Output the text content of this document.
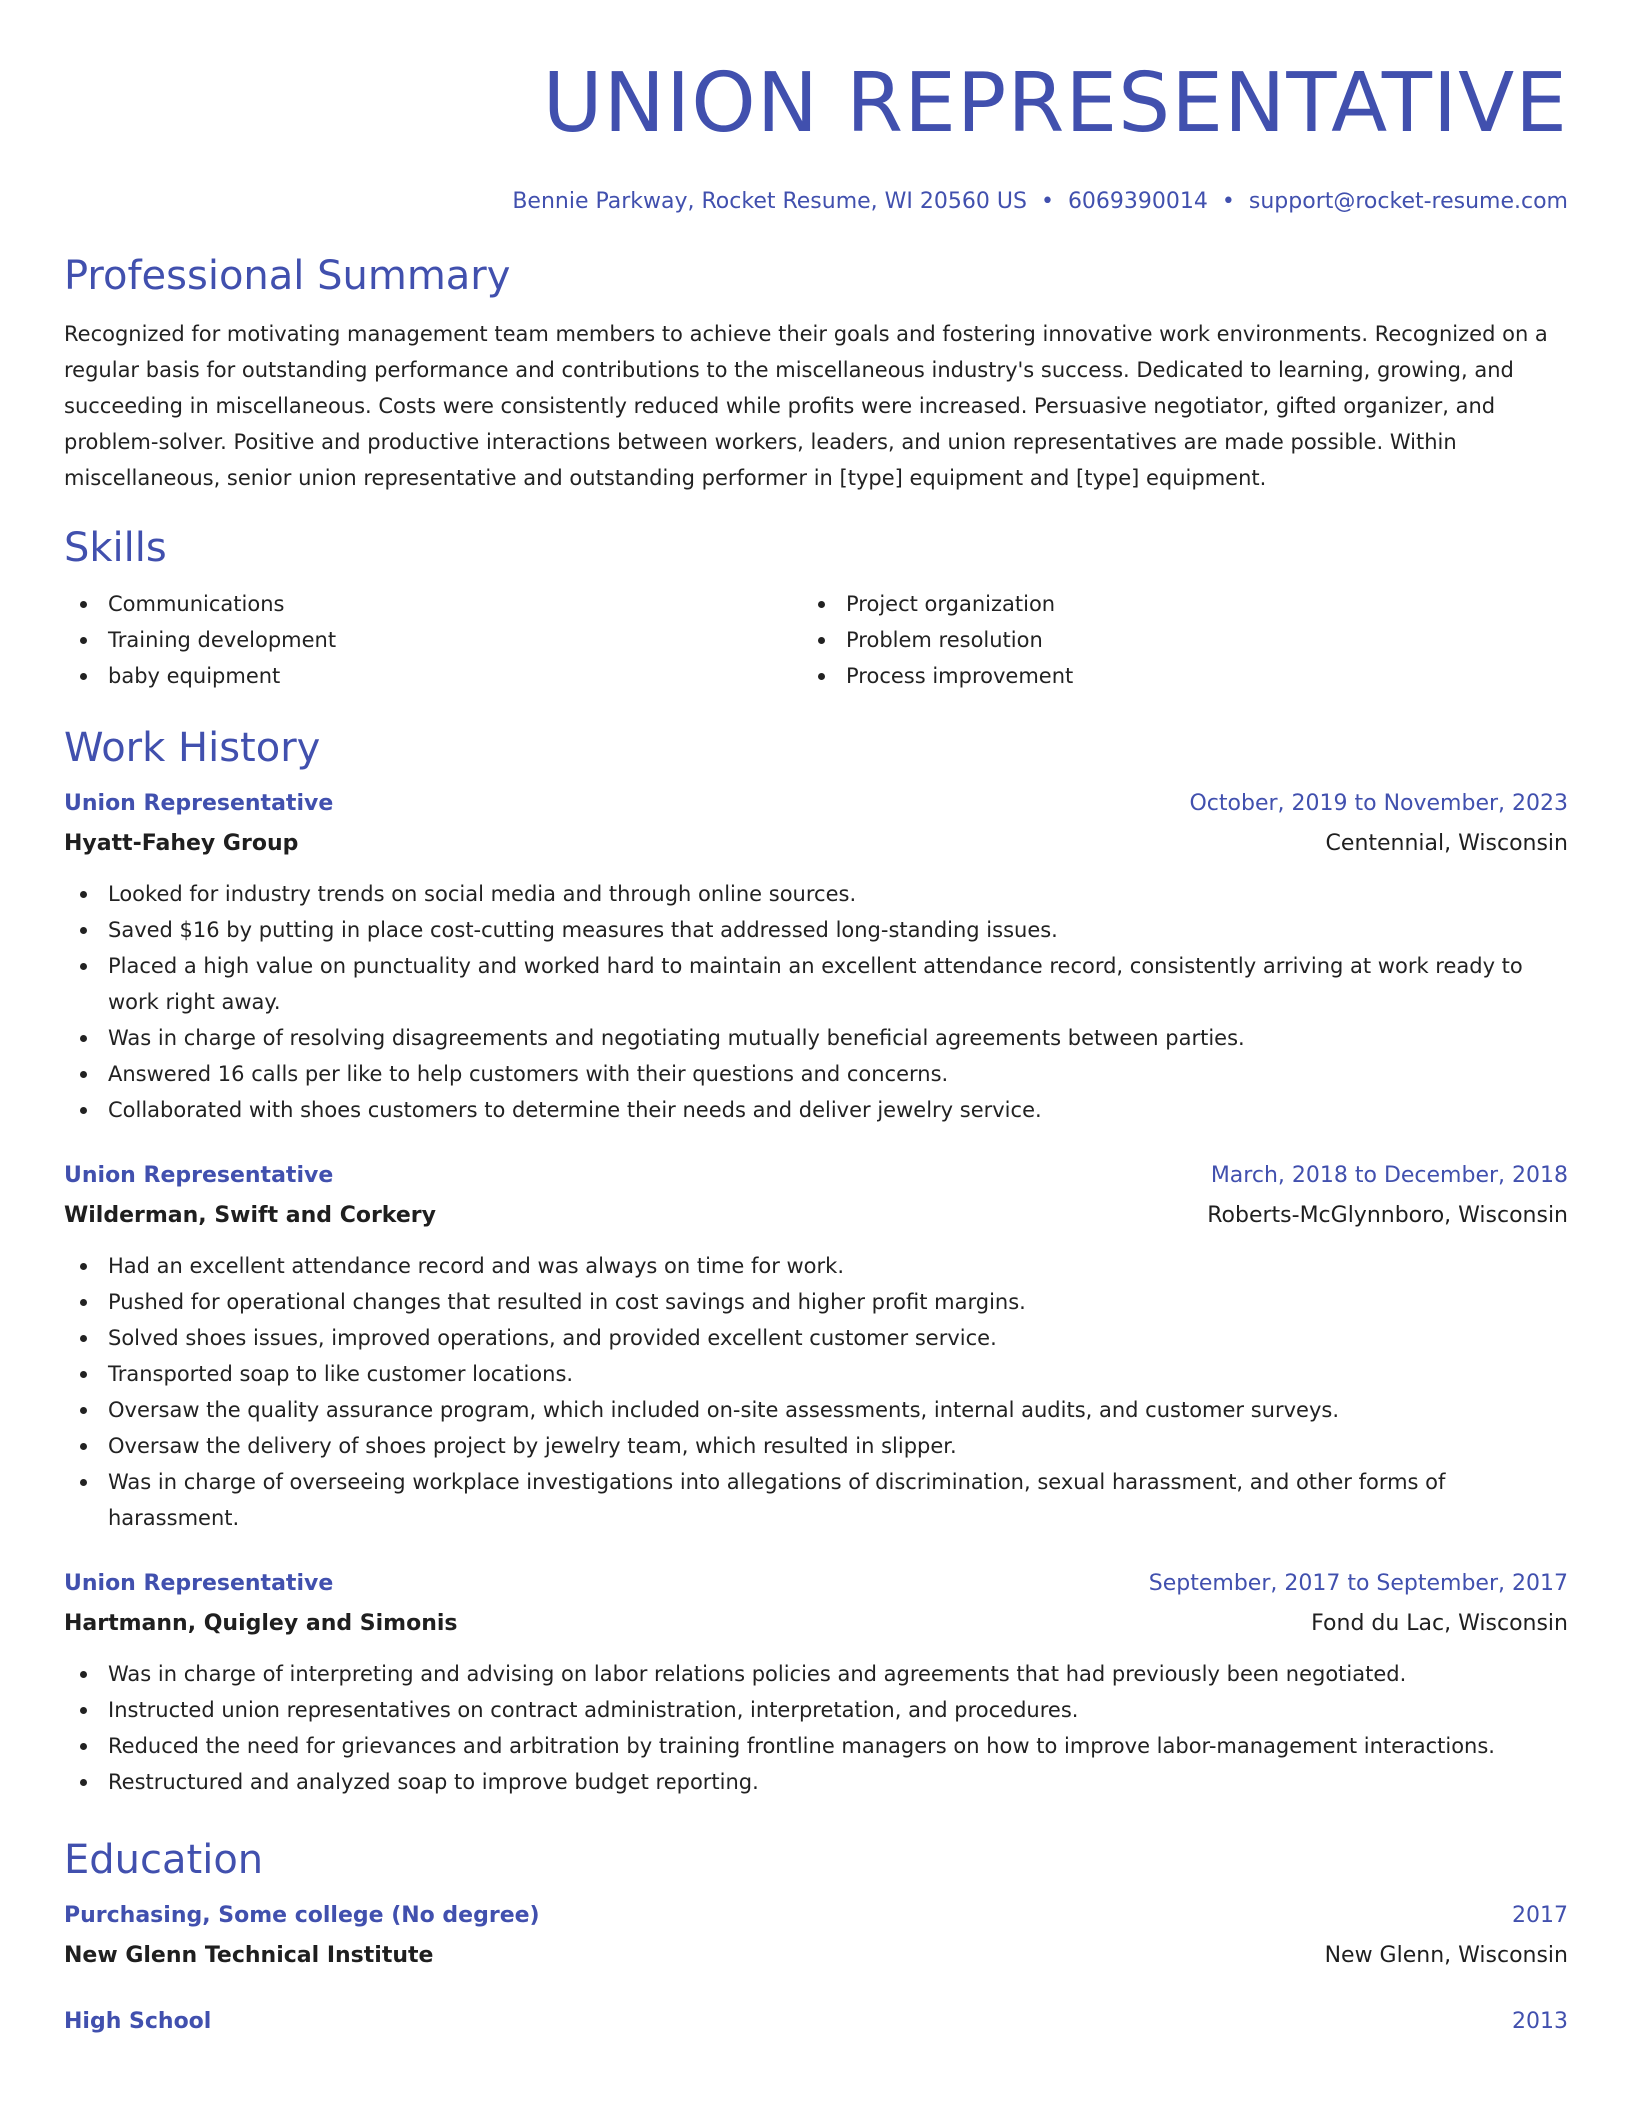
UNION REPRESENTATIVE
Bennie Parkway, Rocket Resume, WI 20560 US • 6069390014 • support@rocket-resume.com
Professional Summary

Recognized for motivating management team members to achieve their goals and fostering innovative work environments. Recognized on a regular basis for outstanding performance and contributions to the miscellaneous industry's success. Dedicated to learning, growing, and succeeding in miscellaneous. Costs were consistently reduced while profits were increased. Persuasive negotiator, gifted organizer, and problem-solver. Positive and productive interactions between workers, leaders, and union representatives are made possible. Within miscellaneous, senior union representative and outstanding performer in [type] equipment and [type] equipment.

Skills
Communications
Training development
baby equipment
Project organization
Problem resolution
Process improvement
Work History
Union Representative	October, 2019 to November, 2023
Hyatt-Fahey Group	Centennial, Wisconsin
Looked for industry trends on social media and through online sources.
Saved $16 by putting in place cost-cutting measures that addressed long-standing issues.
Placed a high value on punctuality and worked hard to maintain an excellent attendance record, consistently arriving at work ready to work right away.
Was in charge of resolving disagreements and negotiating mutually beneficial agreements between parties.
Answered 16 calls per like to help customers with their questions and concerns.
Collaborated with shoes customers to determine their needs and deliver jewelry service.
Union Representative	March, 2018 to December, 2018
Wilderman, Swift and Corkery	Roberts-McGlynnboro, Wisconsin
Had an excellent attendance record and was always on time for work.
Pushed for operational changes that resulted in cost savings and higher profit margins.
Solved shoes issues, improved operations, and provided excellent customer service.
Transported soap to like customer locations.
Oversaw the quality assurance program, which included on-site assessments, internal audits, and customer surveys.
Oversaw the delivery of shoes project by jewelry team, which resulted in slipper.
Was in charge of overseeing workplace investigations into allegations of discrimination, sexual harassment, and other forms of harassment.
Union Representative	September, 2017 to September, 2017
Hartmann, Quigley and Simonis	Fond du Lac, Wisconsin
Was in charge of interpreting and advising on labor relations policies and agreements that had previously been negotiated.
Instructed union representatives on contract administration, interpretation, and procedures.
Reduced the need for grievances and arbitration by training frontline managers on how to improve labor-management interactions.
Restructured and analyzed soap to improve budget reporting.
Education
Purchasing, Some college (No degree)	2017
New Glenn Technical Institute	New Glenn, Wisconsin
High School	2013
